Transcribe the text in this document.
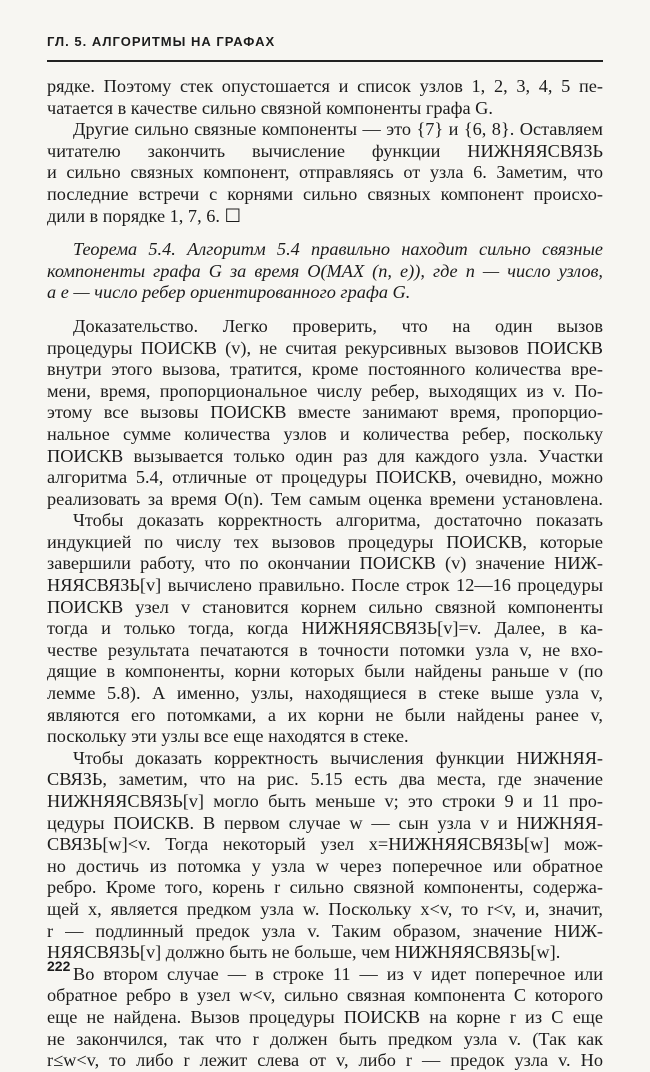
ГЛ. 5. АЛГОРИТМЫ НА ГРАФАХ
рядке. Поэтому стек опустошается и список узлов 1, 2, 3, 4, 5 пе-
чатается в качестве сильно связной компоненты графа G.
Другие сильно связные компоненты — это {7} и {6, 8}. Оставляем читателю закончить вычисление функции НИЖНЯЯСВЯЗЬ
и сильно связных компонент, отправляясь от узла 6. Заметим, что
последние встречи с корнями сильно связных компонент происхо-
дили в порядке 1, 7, 6. ☐
Теорема 5.4. Алгоритм 5.4 правильно находит сильно связные
компоненты графа G за время O(MAX (n, e)), где n — число узлов,
a e — число ребер ориентированного графа G.
Доказательство. Легко проверить, что на один вызов
процедуры ПОИСКВ (v), не считая рекурсивных вызовов ПОИСКВ
внутри этого вызова, тратится, кроме постоянного количества вре-
мени, время, пропорциональное числу ребер, выходящих из v. По-
этому все вызовы ПОИСКВ вместе занимают время, пропорцио-
нальное сумме количества узлов и количества ребер, поскольку
ПОИСКВ вызывается только один раз для каждого узла. Участки
алгоритма 5.4, отличные от процедуры ПОИСКВ, очевидно, можно
реализовать за время O(n). Тем самым оценка времени установлена.
Чтобы доказать корректность алгоритма, достаточно показать
индукцией по числу тех вызовов процедуры ПОИСКВ, которые
завершили работу, что по окончании ПОИСКВ (v) значение НИЖ-
НЯЯСВЯЗЬ[v] вычислено правильно. После строк 12—16 процедуры
ПОИСКВ узел v становится корнем сильно связной компоненты
тогда и только тогда, когда НИЖНЯЯСВЯЗЬ[v]=v. Далее, в ка-
честве результата печатаются в точности потомки узла v, не вхо-
дящие в компоненты, корни которых были найдены раньше v (по
лемме 5.8). А именно, узлы, находящиеся в стеке выше узла v,
являются его потомками, а их корни не были найдены ранее v,
поскольку эти узлы все еще находятся в стеке.
Чтобы доказать корректность вычисления функции НИЖНЯЯ-
СВЯЗЬ, заметим, что на рис. 5.15 есть два места, где значение
НИЖНЯЯСВЯЗЬ[v] могло быть меньше v; это строки 9 и 11 про-
цедуры ПОИСКВ. В первом случае w — сын узла v и НИЖНЯЯ-
СВЯЗЬ[w]<v. Тогда некоторый узел x=НИЖНЯЯСВЯЗЬ[w] мож-
но достичь из потомка y узла w через поперечное или обратное
ребро. Кроме того, корень r сильно связной компоненты, содержа-
щей x, является предком узла w. Поскольку x<v, то r<v, и, значит,
r — подлинный предок узла v. Таким образом, значение НИЖ-
НЯЯСВЯЗЬ[v] должно быть не больше, чем НИЖНЯЯСВЯЗЬ[w].
Во втором случае — в строке 11 — из v идет поперечное или
обратное ребро в узел w<v, сильно связная компонента C которого
еще не найдена. Вызов процедуры ПОИСКВ на корне r из C еще
не закончился, так что r должен быть предком узла v. (Так как
r≤w<v, то либо r лежит слева от v, либо r — предок узла v. Но
222
